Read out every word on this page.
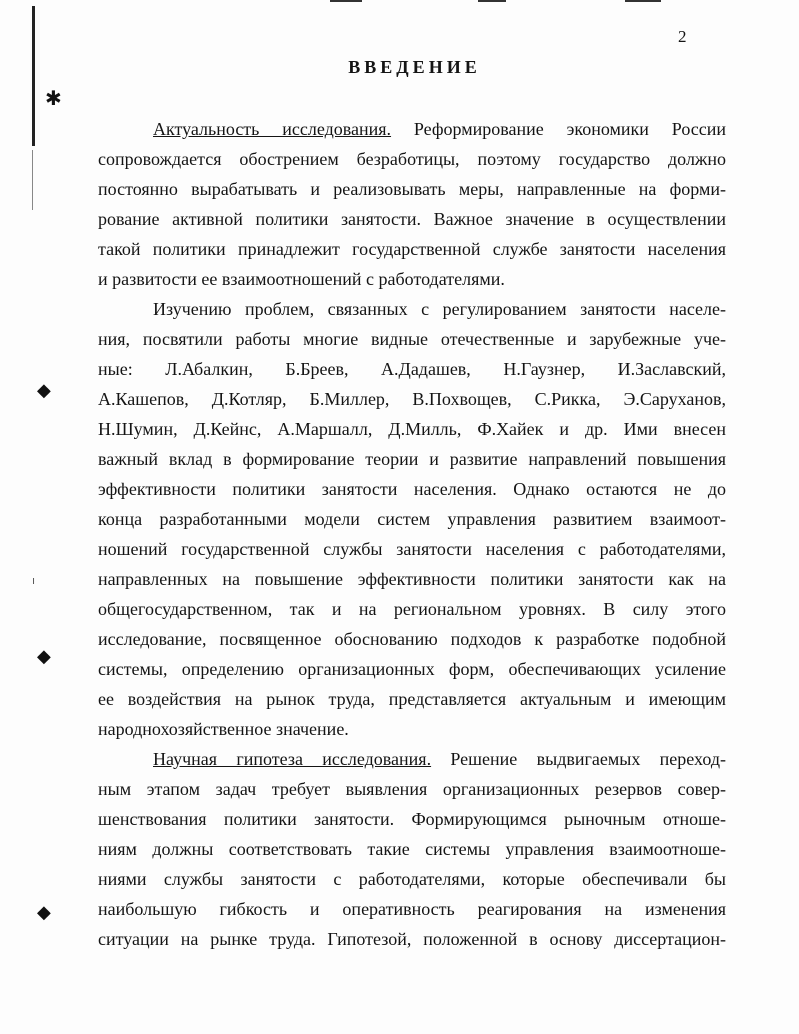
✱
◆
◆
◆
ı
2
ВВЕДЕНИЕ
Актуальность исследования. Реформирование экономики России
сопровождается обострением безработицы, поэтому государство должно
постоянно вырабатывать и реализовывать меры, направленные на форми-
рование активной политики занятости. Важное значение в осуществлении
такой политики принадлежит государственной службе занятости населения
и развитости ее взаимоотношений с работодателями.
Изучению проблем, связанных с регулированием занятости населе-
ния, посвятили работы многие видные отечественные и зарубежные уче-
ные: Л.Абалкин, Б.Бреев, А.Дадашев, Н.Гаузнер, И.Заславский,
А.Кашепов, Д.Котляр, Б.Миллер, В.Похвощев, С.Рикка, Э.Саруханов,
Н.Шумин, Д.Кейнс, А.Маршалл, Д.Милль, Ф.Хайек и др. Ими внесен
важный вклад в формирование теории и развитие направлений повышения
эффективности политики занятости населения. Однако остаются не до
конца разработанными модели систем управления развитием взаимоот-
ношений государственной службы занятости населения с работодателями,
направленных на повышение эффективности политики занятости как на
общегосударственном, так и на региональном уровнях. В силу этого
исследование, посвященное обоснованию подходов к разработке подобной
системы, определению организационных форм, обеспечивающих усиление
ее воздействия на рынок труда, представляется актуальным и имеющим
народнохозяйственное значение.
Научная гипотеза исследования. Решение выдвигаемых переход-
ным этапом задач требует выявления организационных резервов совер-
шенствования политики занятости. Формирующимся рыночным отноше-
ниям должны соответствовать такие системы управления взаимоотноше-
ниями службы занятости с работодателями, которые обеспечивали бы
наибольшую гибкость и оперативность реагирования на изменения
ситуации на рынке труда. Гипотезой, положенной в основу диссертацион-
